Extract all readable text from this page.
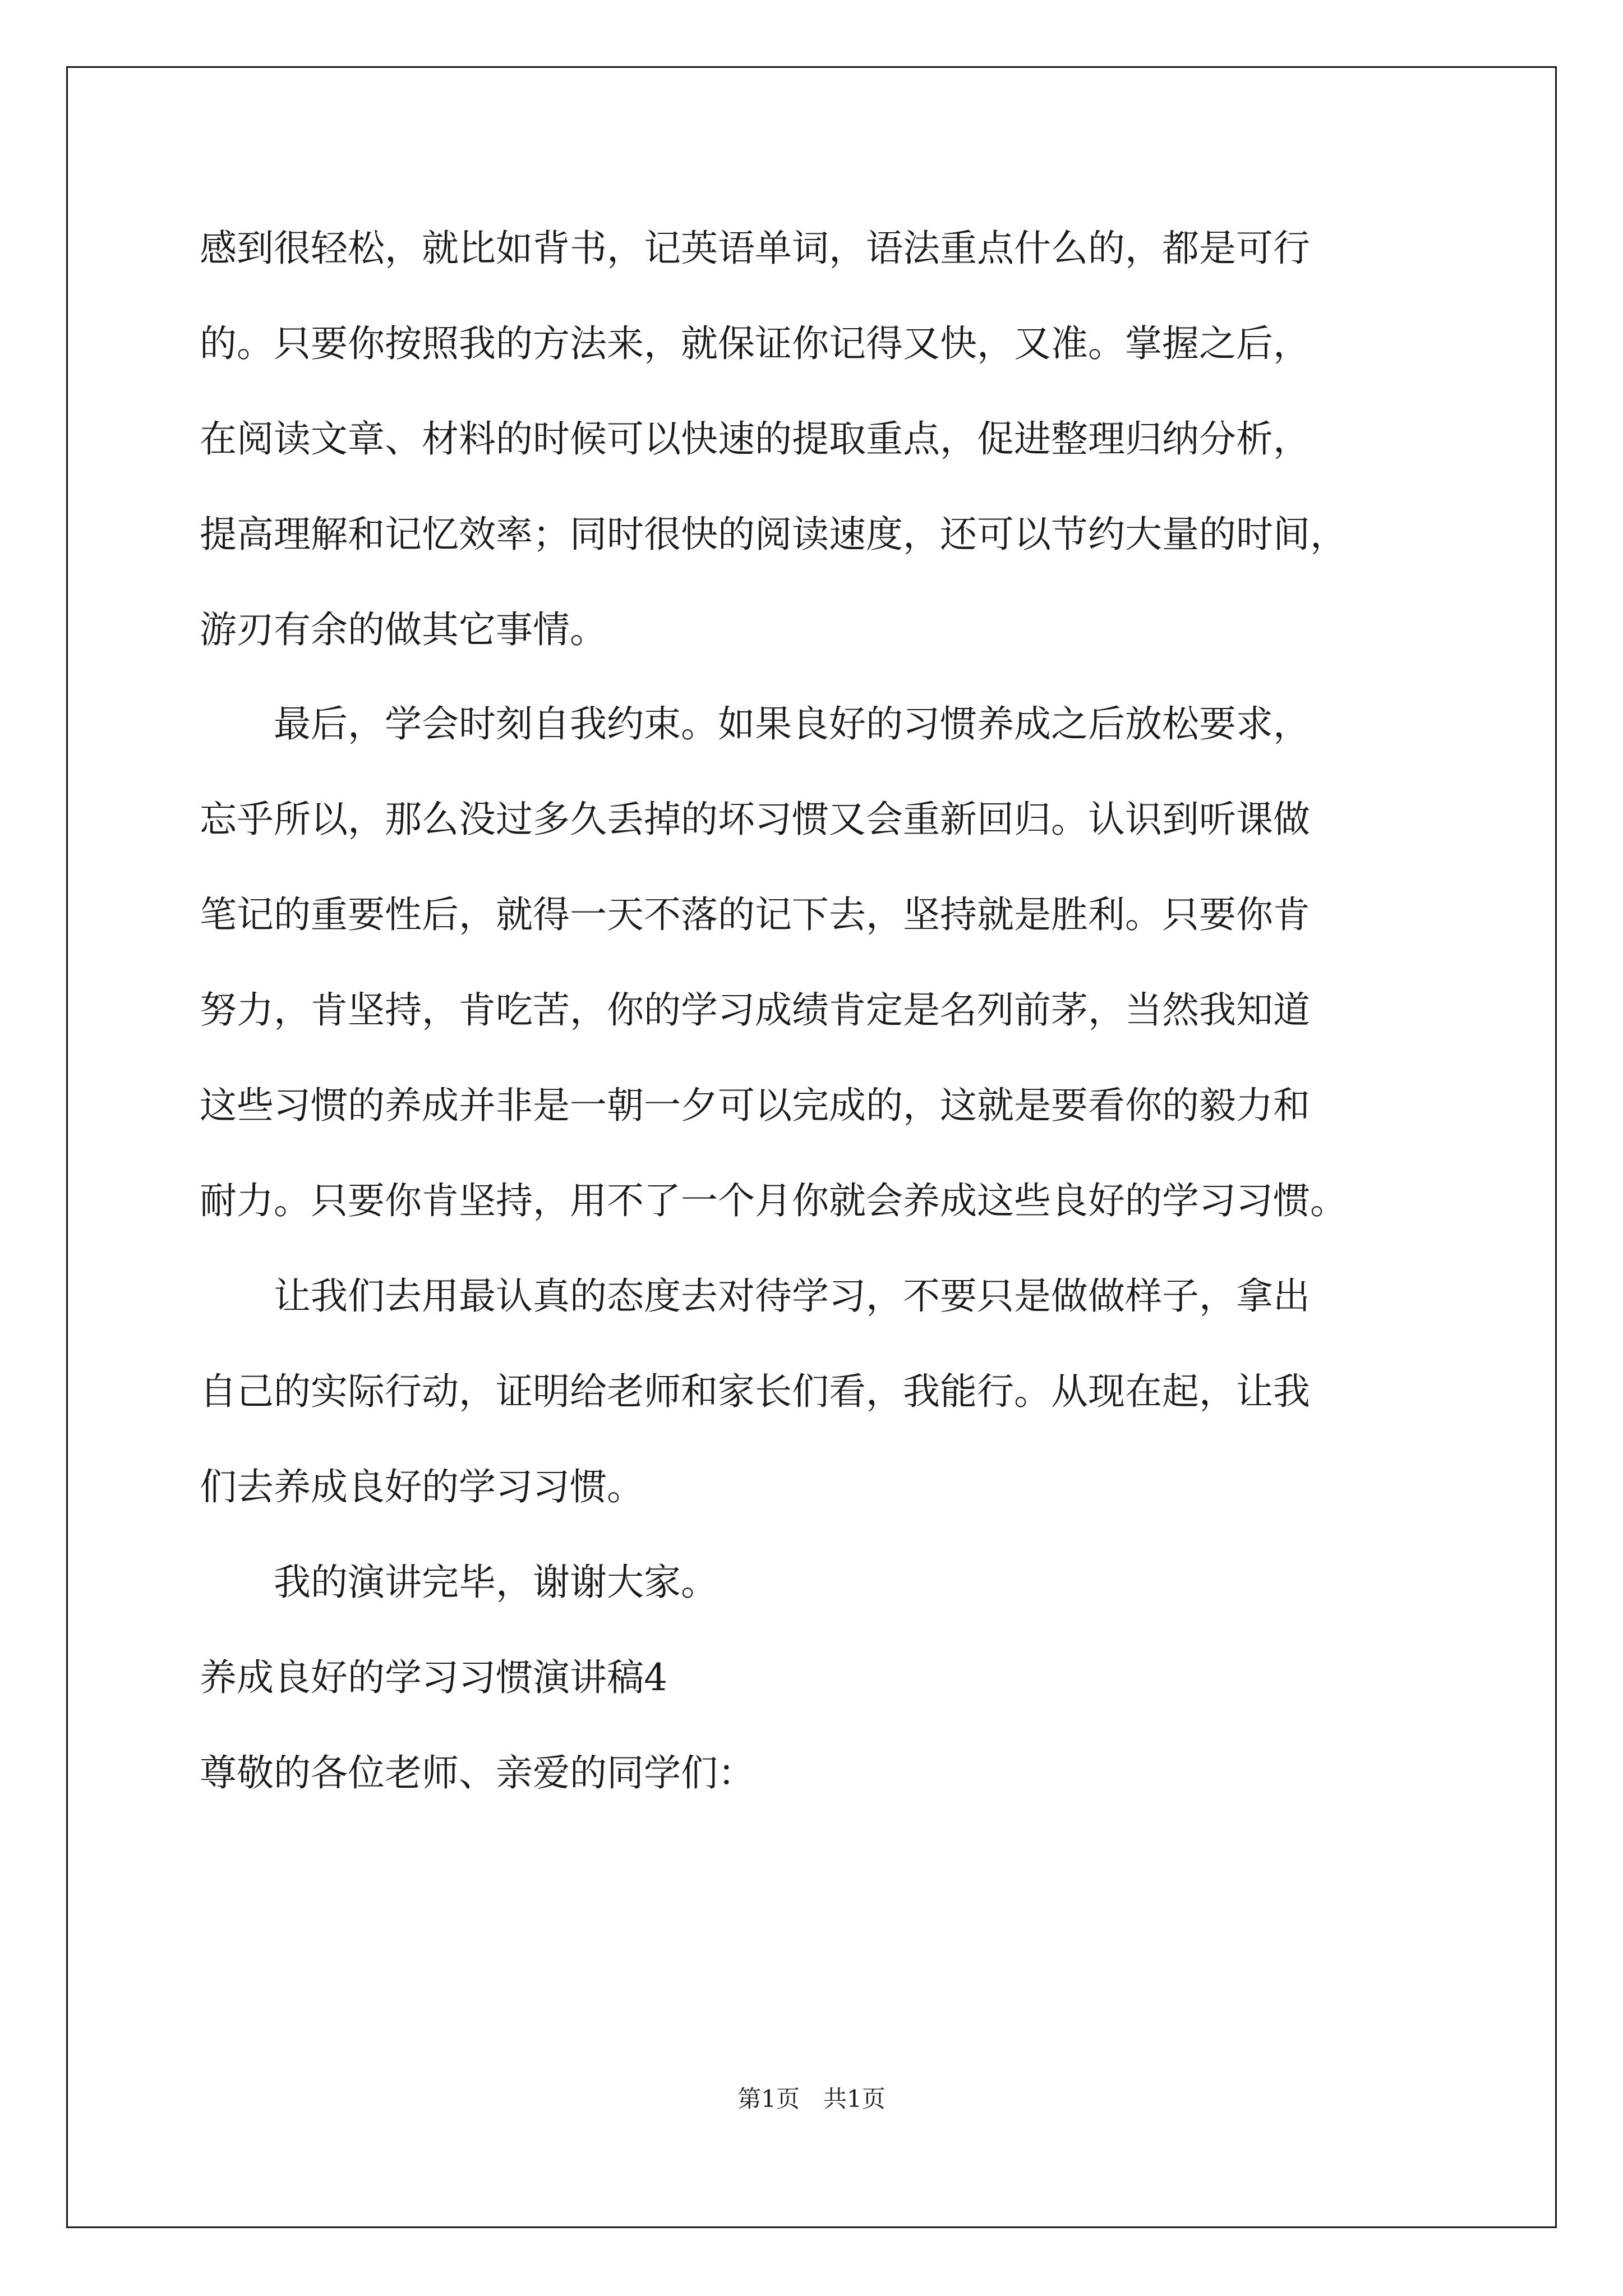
感到很轻松，就比如背书，记英语单词，语法重点什么的，都是可行

的。只要你按照我的方法来，就保证你记得又快，又准。掌握之后，

在阅读文章、材料的时候可以快速的提取重点，促进整理归纳分析，

提高理解和记忆效率；同时很快的阅读速度，还可以节约大量的时间，

游刃有余的做其它事情。

　　最后，学会时刻自我约束。如果良好的习惯养成之后放松要求，

忘乎所以，那么没过多久丢掉的坏习惯又会重新回归。认识到听课做

笔记的重要性后，就得一天不落的记下去，坚持就是胜利。只要你肯

努力，肯坚持，肯吃苦，你的学习成绩肯定是名列前茅，当然我知道

这些习惯的养成并非是一朝一夕可以完成的，这就是要看你的毅力和

耐力。只要你肯坚持，用不了一个月你就会养成这些良好的学习习惯。

　　让我们去用最认真的态度去对待学习，不要只是做做样子，拿出

自己的实际行动，证明给老师和家长们看，我能行。从现在起，让我

们去养成良好的学习习惯。

　　我的演讲完毕，谢谢大家。

养成良好的学习习惯演讲稿4

尊敬的各位老师、亲爱的同学们：

第1页　共1页
